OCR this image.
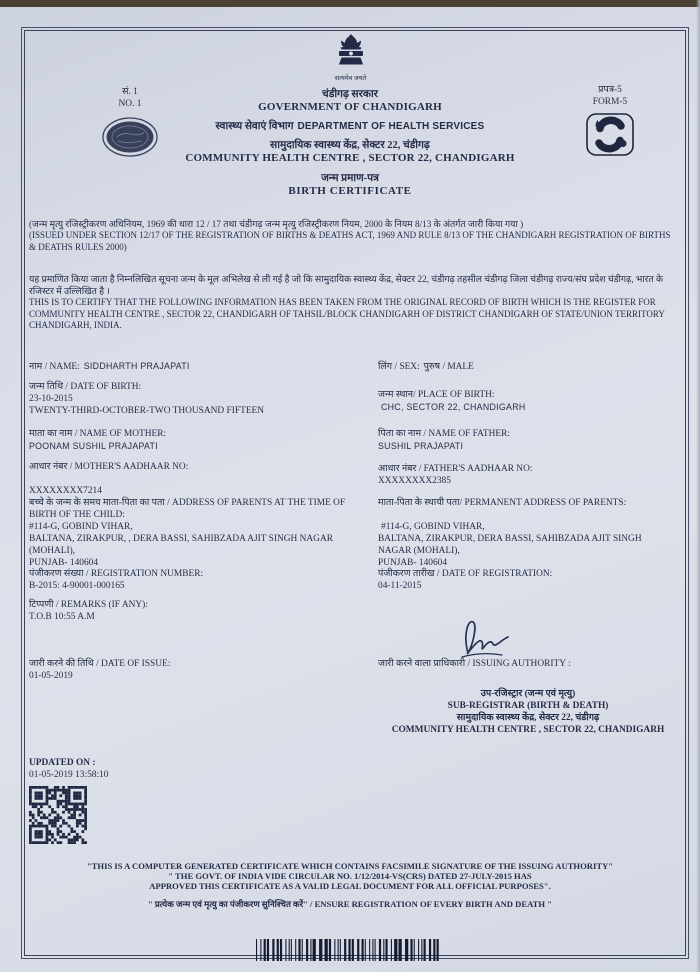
सत्यमेव जयते
सं. 1
NO. 1
प्रपत्र-5
FORM-5
चंडीगढ़ सरकार
GOVERNMENT OF CHANDIGARH
स्वास्थ्य सेवाएं विभाग DEPARTMENT OF HEALTH SERVICES
सामुदायिक स्वास्थ्य केंद्र, सेक्टर 22, चंडीगढ़
COMMUNITY HEALTH CENTRE , SECTOR 22, CHANDIGARH
जन्म प्रमाण-पत्र
BIRTH CERTIFICATE
(जन्म मृत्यु रजिस्ट्रीकरण अधिनियम, 1969 की धारा 12 / 17 तथा चंडीगढ़ जन्म मृत्यु रजिस्ट्रीकरण नियम, 2000 के नियम 8/13 के अंतर्गत जारी किया गया )
(ISSUED UNDER SECTION 12/17 OF THE REGISTRATION OF BIRTHS & DEATHS ACT, 1969 AND RULE 8/13 OF THE CHANDIGARH REGISTRATION OF BIRTHS & DEATHS RULES 2000)
यह प्रमाणित किया जाता है निम्नलिखित सूचना जन्म के मूल अभिलेख से ली गई है जो कि सामुदायिक स्वास्थ्य केंद्र, सेक्टर 22, चंडीगढ़ तहसील चंडीगढ़ जिला चंडीगढ़ राज्य/संघ प्रदेश चंडीगढ़, भारत के रजिस्टर में उल्लिखित है ।
THIS IS TO CERTIFY THAT THE FOLLOWING INFORMATION HAS BEEN TAKEN FROM THE ORIGINAL RECORD OF BIRTH WHICH IS THE REGISTER FOR COMMUNITY HEALTH CENTRE , SECTOR 22, CHANDIGARH OF TAHSIL/BLOCK CHANDIGARH OF DISTRICT CHANDIGARH OF STATE/UNION TERRITORY CHANDIGARH, INDIA.
नाम / NAME: SIDDHARTH PRAJAPATI	लिंग / SEX: पुरुष / MALE
जन्म तिथि / DATE OF BIRTH:
23-10-2015
TWENTY-THIRD-OCTOBER-TWO THOUSAND FIFTEEN
जन्म स्थान/ PLACE OF BIRTH:
CHC, SECTOR 22, CHANDIGARH
माता का नाम / NAME OF MOTHER:
POONAM SUSHIL PRAJAPATI
पिता का नाम / NAME OF FATHER:
SUSHIL PRAJAPATI
आधार नंबर / MOTHER'S AADHAAR NO:
XXXXXXXX7214
आधार नंबर / FATHER'S AADHAAR NO:
XXXXXXXX2385
बच्चे के जन्म के समय माता-पिता का पता / ADDRESS OF PARENTS AT THE TIME OF BIRTH OF THE CHILD:
#114-G, GOBIND VIHAR,
BALTANA, ZIRAKPUR, , DERA BASSI, SAHIBZADA AJIT SINGH NAGAR (MOHALI),
PUNJAB- 140604
माता-पिता के स्थायी पता/ PERMANENT ADDRESS OF PARENTS:
#114-G, GOBIND VIHAR,
BALTANA, ZIRAKPUR, DERA BASSI, SAHIBZADA AJIT SINGH NAGAR (MOHALI),
PUNJAB- 140604
पंजीकरण संख्या / REGISTRATION NUMBER:
B-2015: 4-90001-000165
पंजीकरण तारीख / DATE OF REGISTRATION:
04-11-2015
टिप्पणी / REMARKS (IF ANY):
T.O.B 10:55 A.M
जारी करने की तिथि / DATE OF ISSUE:
01-05-2019
जारी करने वाला प्राधिकारी / ISSUING AUTHORITY :
उप-रजिस्ट्रार (जन्म एवं मृत्यु)
SUB-REGISTRAR (BIRTH & DEATH)
सामुदायिक स्वास्थ्य केंद्र, सेक्टर 22, चंडीगढ़
COMMUNITY HEALTH CENTRE , SECTOR 22, CHANDIGARH
UPDATED ON :
01-05-2019 13:58:10
"THIS IS A COMPUTER GENERATED CERTIFICATE WHICH CONTAINS FACSIMILE SIGNATURE OF THE ISSUING AUTHORITY"
" THE GOVT. OF INDIA VIDE CIRCULAR NO. 1/12/2014-VS(CRS) DATED 27-JULY-2015 HAS
APPROVED THIS CERTIFICATE AS A VALID LEGAL DOCUMENT FOR ALL OFFICIAL PURPOSES".
" प्रत्येक जन्म एवं मृत्यु का पंजीकरण सुनिश्चित करें" / ENSURE REGISTRATION OF EVERY BIRTH AND DEATH "
